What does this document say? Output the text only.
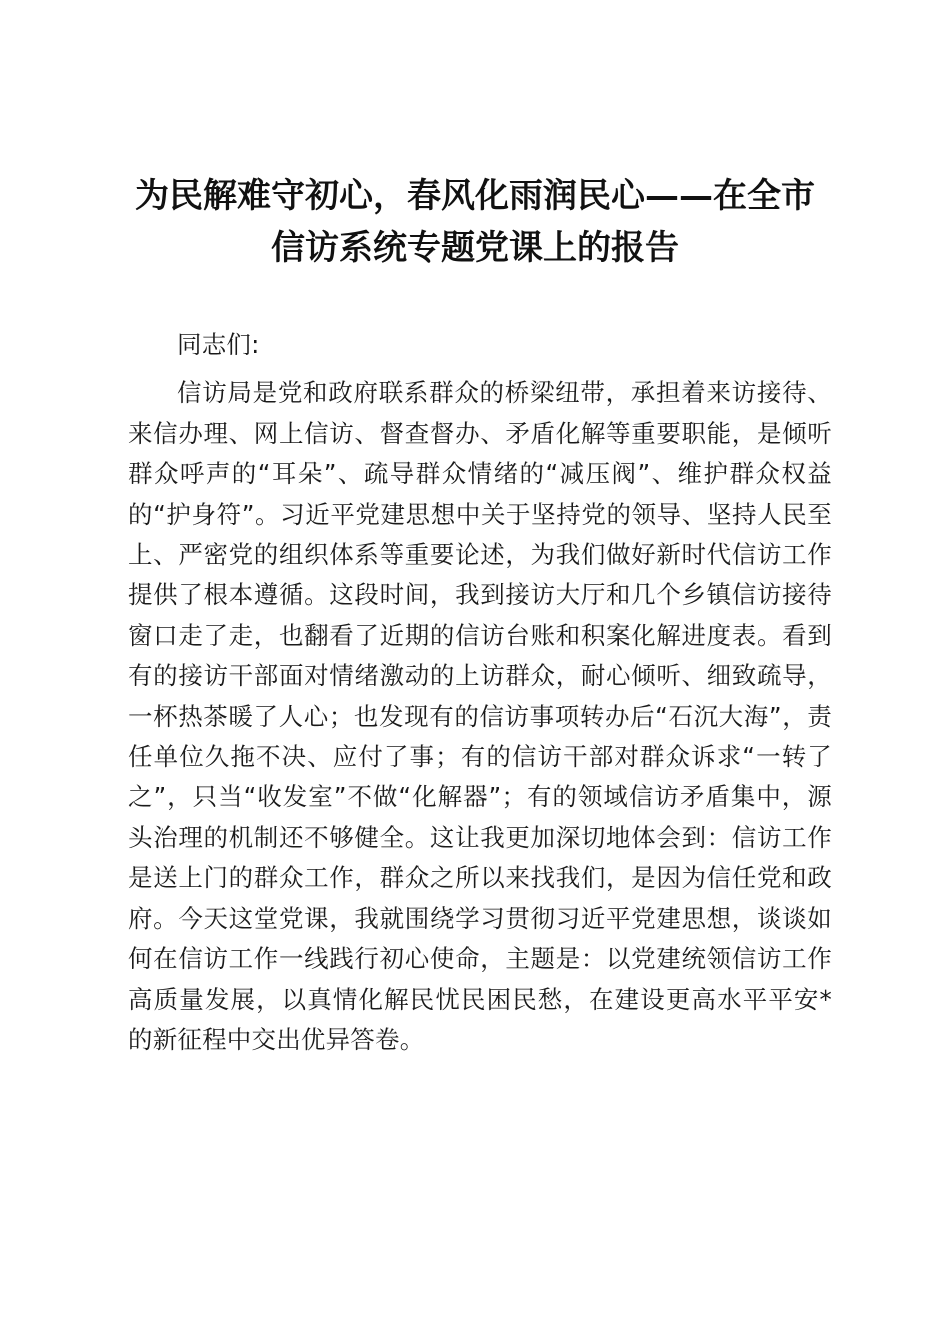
为民解难守初心，春风化雨润民心——在全市
信访系统专题党课上的报告

同志们:

信访局是党和政府联系群众的桥梁纽带，承担着来访接待、来信办理、网上信访、督查督办、矛盾化解等重要职能，是倾听群众呼声的“耳朵”、疏导群众情绪的“减压阀”、维护群众权益的“护身符”。习近平党建思想中关于坚持党的领导、坚持人民至上、严密党的组织体系等重要论述，为我们做好新时代信访工作提供了根本遵循。这段时间，我到接访大厅和几个乡镇信访接待窗口走了走，也翻看了近期的信访台账和积案化解进度表。看到有的接访干部面对情绪激动的上访群众，耐心倾听、细致疏导，一杯热茶暖了人心；也发现有的信访事项转办后“石沉大海”，责任单位久拖不决、应付了事；有的信访干部对群众诉求“一转了之”，只当“收发室”不做“化解器”；有的领域信访矛盾集中，源头治理的机制还不够健全。这让我更加深切地体会到：信访工作是送上门的群众工作，群众之所以来找我们，是因为信任党和政府。今天这堂党课，我就围绕学习贯彻习近平党建思想，谈谈如何在信访工作一线践行初心使命，主题是：以党建统领信访工作高质量发展，以真情化解民忧民困民愁，在建设更高水平平安*的新征程中交出优异答卷。
